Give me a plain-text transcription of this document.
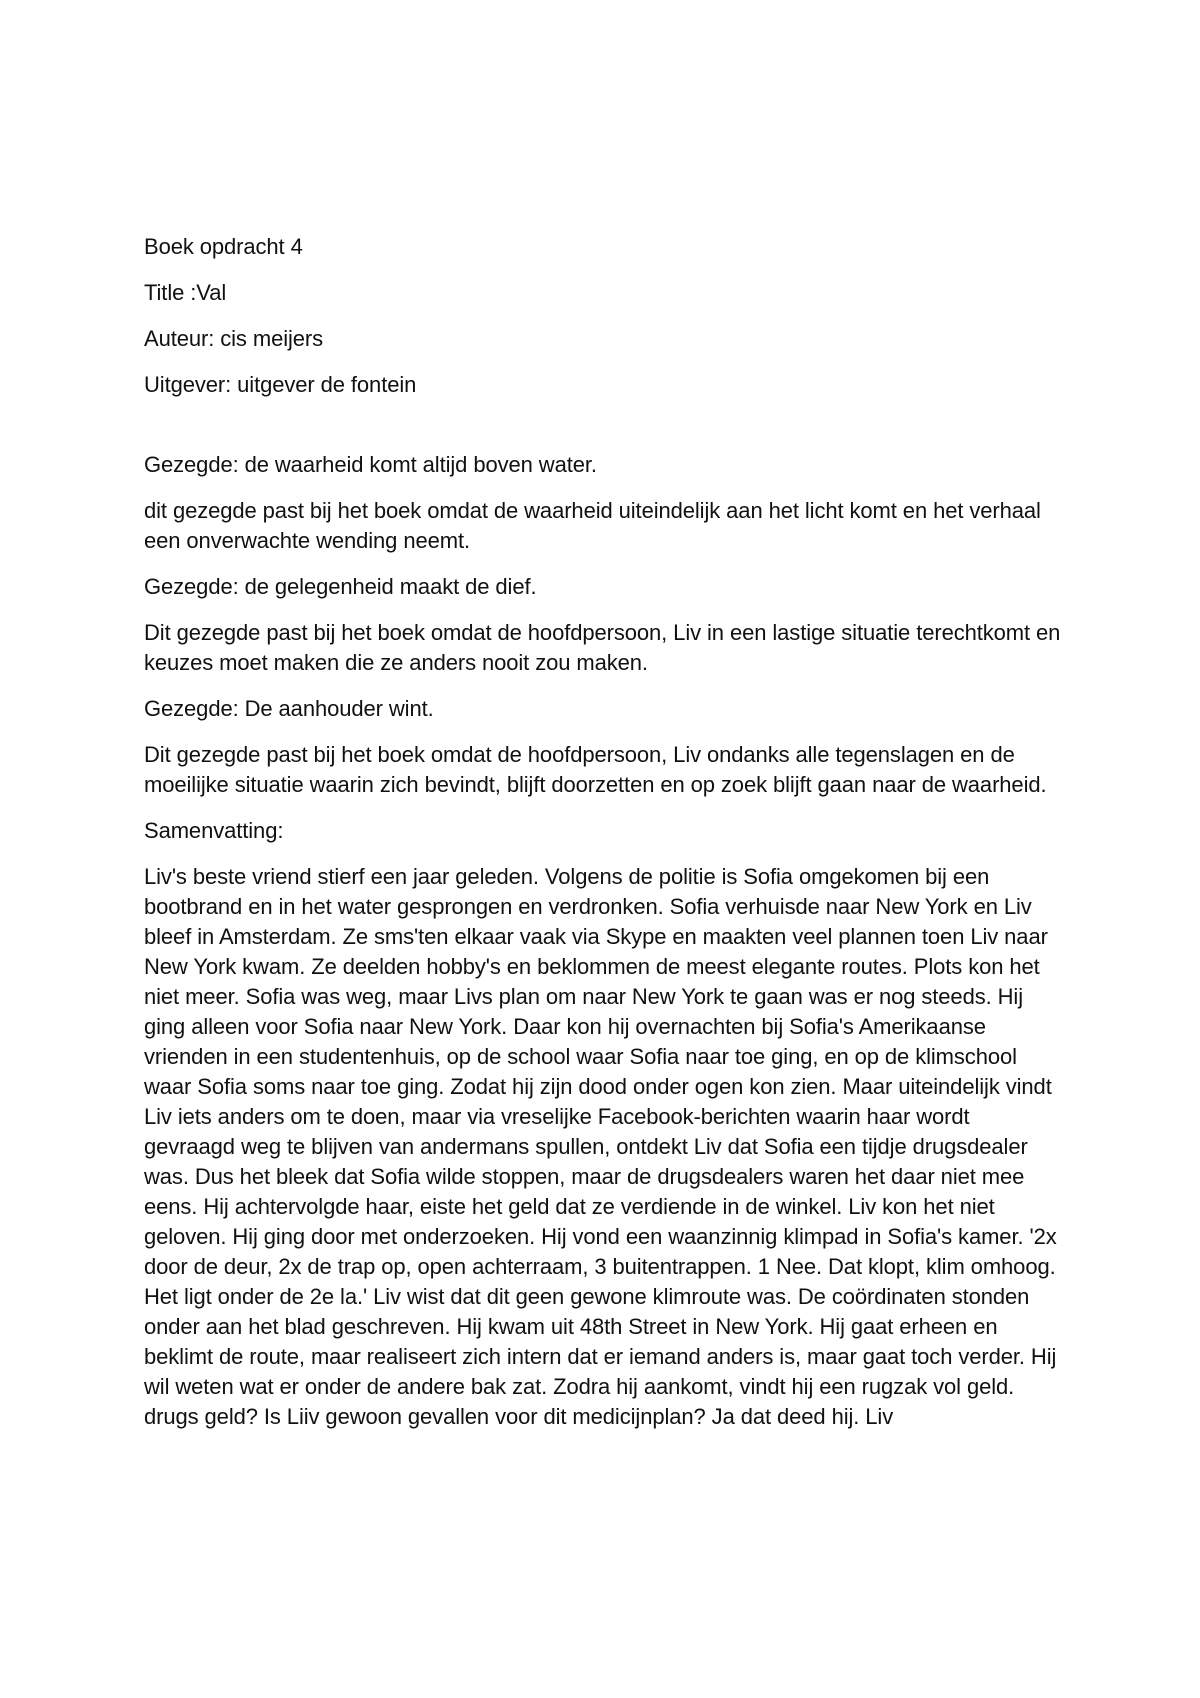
Boek opdracht 4

Title :Val

Auteur: cis meijers

Uitgever: uitgever de fontein

Gezegde: de waarheid komt altijd boven water.

dit gezegde past bij het boek omdat de waarheid uiteindelijk aan het licht komt en het verhaal een onverwachte wending neemt.

Gezegde: de gelegenheid maakt de dief.

Dit gezegde past bij het boek omdat de hoofdpersoon, Liv in een lastige situatie terechtkomt en keuzes moet maken die ze anders nooit zou maken.

Gezegde: De aanhouder wint.

Dit gezegde past bij het boek omdat de hoofdpersoon, Liv ondanks alle tegenslagen en de moeilijke situatie waarin zich bevindt, blijft doorzetten en op zoek blijft gaan naar de waarheid.

Samenvatting:

Liv's beste vriend stierf een jaar geleden. Volgens de politie is Sofia omgekomen bij een bootbrand en in het water gesprongen en verdronken. Sofia verhuisde naar New York en Liv bleef in Amsterdam. Ze sms'ten elkaar vaak via Skype en maakten veel plannen toen Liv naar New York kwam. Ze deelden hobby's en beklommen de meest elegante routes. Plots kon het niet meer. Sofia was weg, maar Livs plan om naar New York te gaan was er nog steeds. Hij ging alleen voor Sofia naar New York. Daar kon hij overnachten bij Sofia's Amerikaanse vrienden in een studentenhuis, op de school waar Sofia naar toe ging, en op de klimschool waar Sofia soms naar toe ging. Zodat hij zijn dood onder ogen kon zien. Maar uiteindelijk vindt Liv iets anders om te doen, maar via vreselijke Facebook-berichten waarin haar wordt gevraagd weg te blijven van andermans spullen, ontdekt Liv dat Sofia een tijdje drugsdealer was. Dus het bleek dat Sofia wilde stoppen, maar de drugsdealers waren het daar niet mee eens. Hij achtervolgde haar, eiste het geld dat ze verdiende in de winkel. Liv kon het niet geloven. Hij ging door met onderzoeken. Hij vond een waanzinnig klimpad in Sofia's kamer. '2x door de deur, 2x de trap op, open achterraam, 3 buitentrappen. 1 Nee. Dat klopt, klim omhoog. Het ligt onder de 2e la.' Liv wist dat dit geen gewone klimroute was. De coördinaten stonden onder aan het blad geschreven. Hij kwam uit 48th Street in New York. Hij gaat erheen en beklimt de route, maar realiseert zich intern dat er iemand anders is, maar gaat toch verder. Hij wil weten wat er onder de andere bak zat. Zodra hij aankomt, vindt hij een rugzak vol geld. drugs geld? Is Liiv gewoon gevallen voor dit medicijnplan? Ja dat deed hij. Liv
